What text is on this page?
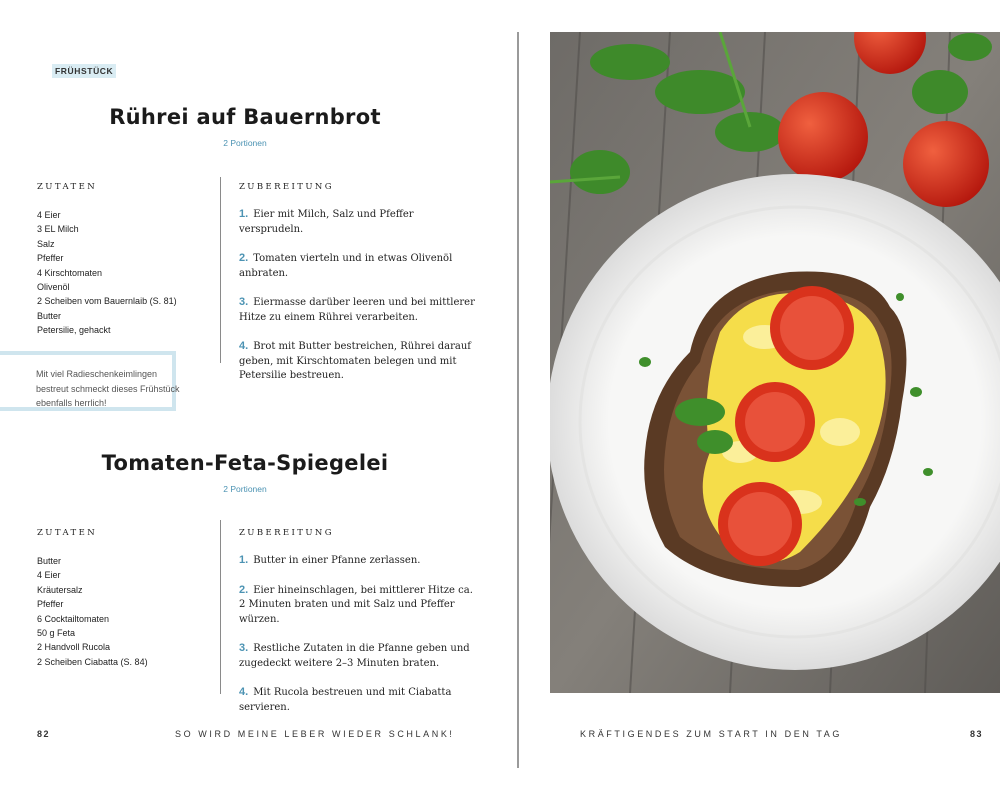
FRÜHSTÜCK
Rührei auf Bauernbrot
2 Portionen
ZUTATEN
4 Eier
3 EL Milch
Salz
Pfeffer
4 Kirschtomaten
Olivenöl
2 Scheiben vom Bauernlaib (S. 81)
Butter
Petersilie, gehackt
ZUBEREITUNG
1. Eier mit Milch, Salz und Pfeffer versprudeln.
2. Tomaten vierteln und in etwas Olivenöl anbraten.
3. Eiermasse darüber leeren und bei mittlerer Hitze zu einem Rührei verarbeiten.
4. Brot mit Butter bestreichen, Rührei darauf geben, mit Kirschtomaten belegen und mit Petersilie bestreuen.
Mit viel Radieschenkeimlingen bestreut schmeckt dieses Frühstück ebenfalls herrlich!
Tomaten-Feta-Spiegelei
2 Portionen
ZUTATEN
Butter
4 Eier
Kräutersalz
Pfeffer
6 Cocktailtomaten
50 g Feta
2 Handvoll Rucola
2 Scheiben Ciabatta (S. 84)
ZUBEREITUNG
1. Butter in einer Pfanne zerlassen.
2. Eier hineinschlagen, bei mittlerer Hitze ca. 2 Minuten braten und mit Salz und Pfeffer würzen.
3. Restliche Zutaten in die Pfanne geben und zugedeckt weitere 2–3 Minuten braten.
4. Mit Rucola bestreuen und mit Ciabatta servieren.
82	SO WIRD MEINE LEBER WIEDER SCHLANK!	KRÄFTIGENDES ZUM START IN DEN TAG	83
